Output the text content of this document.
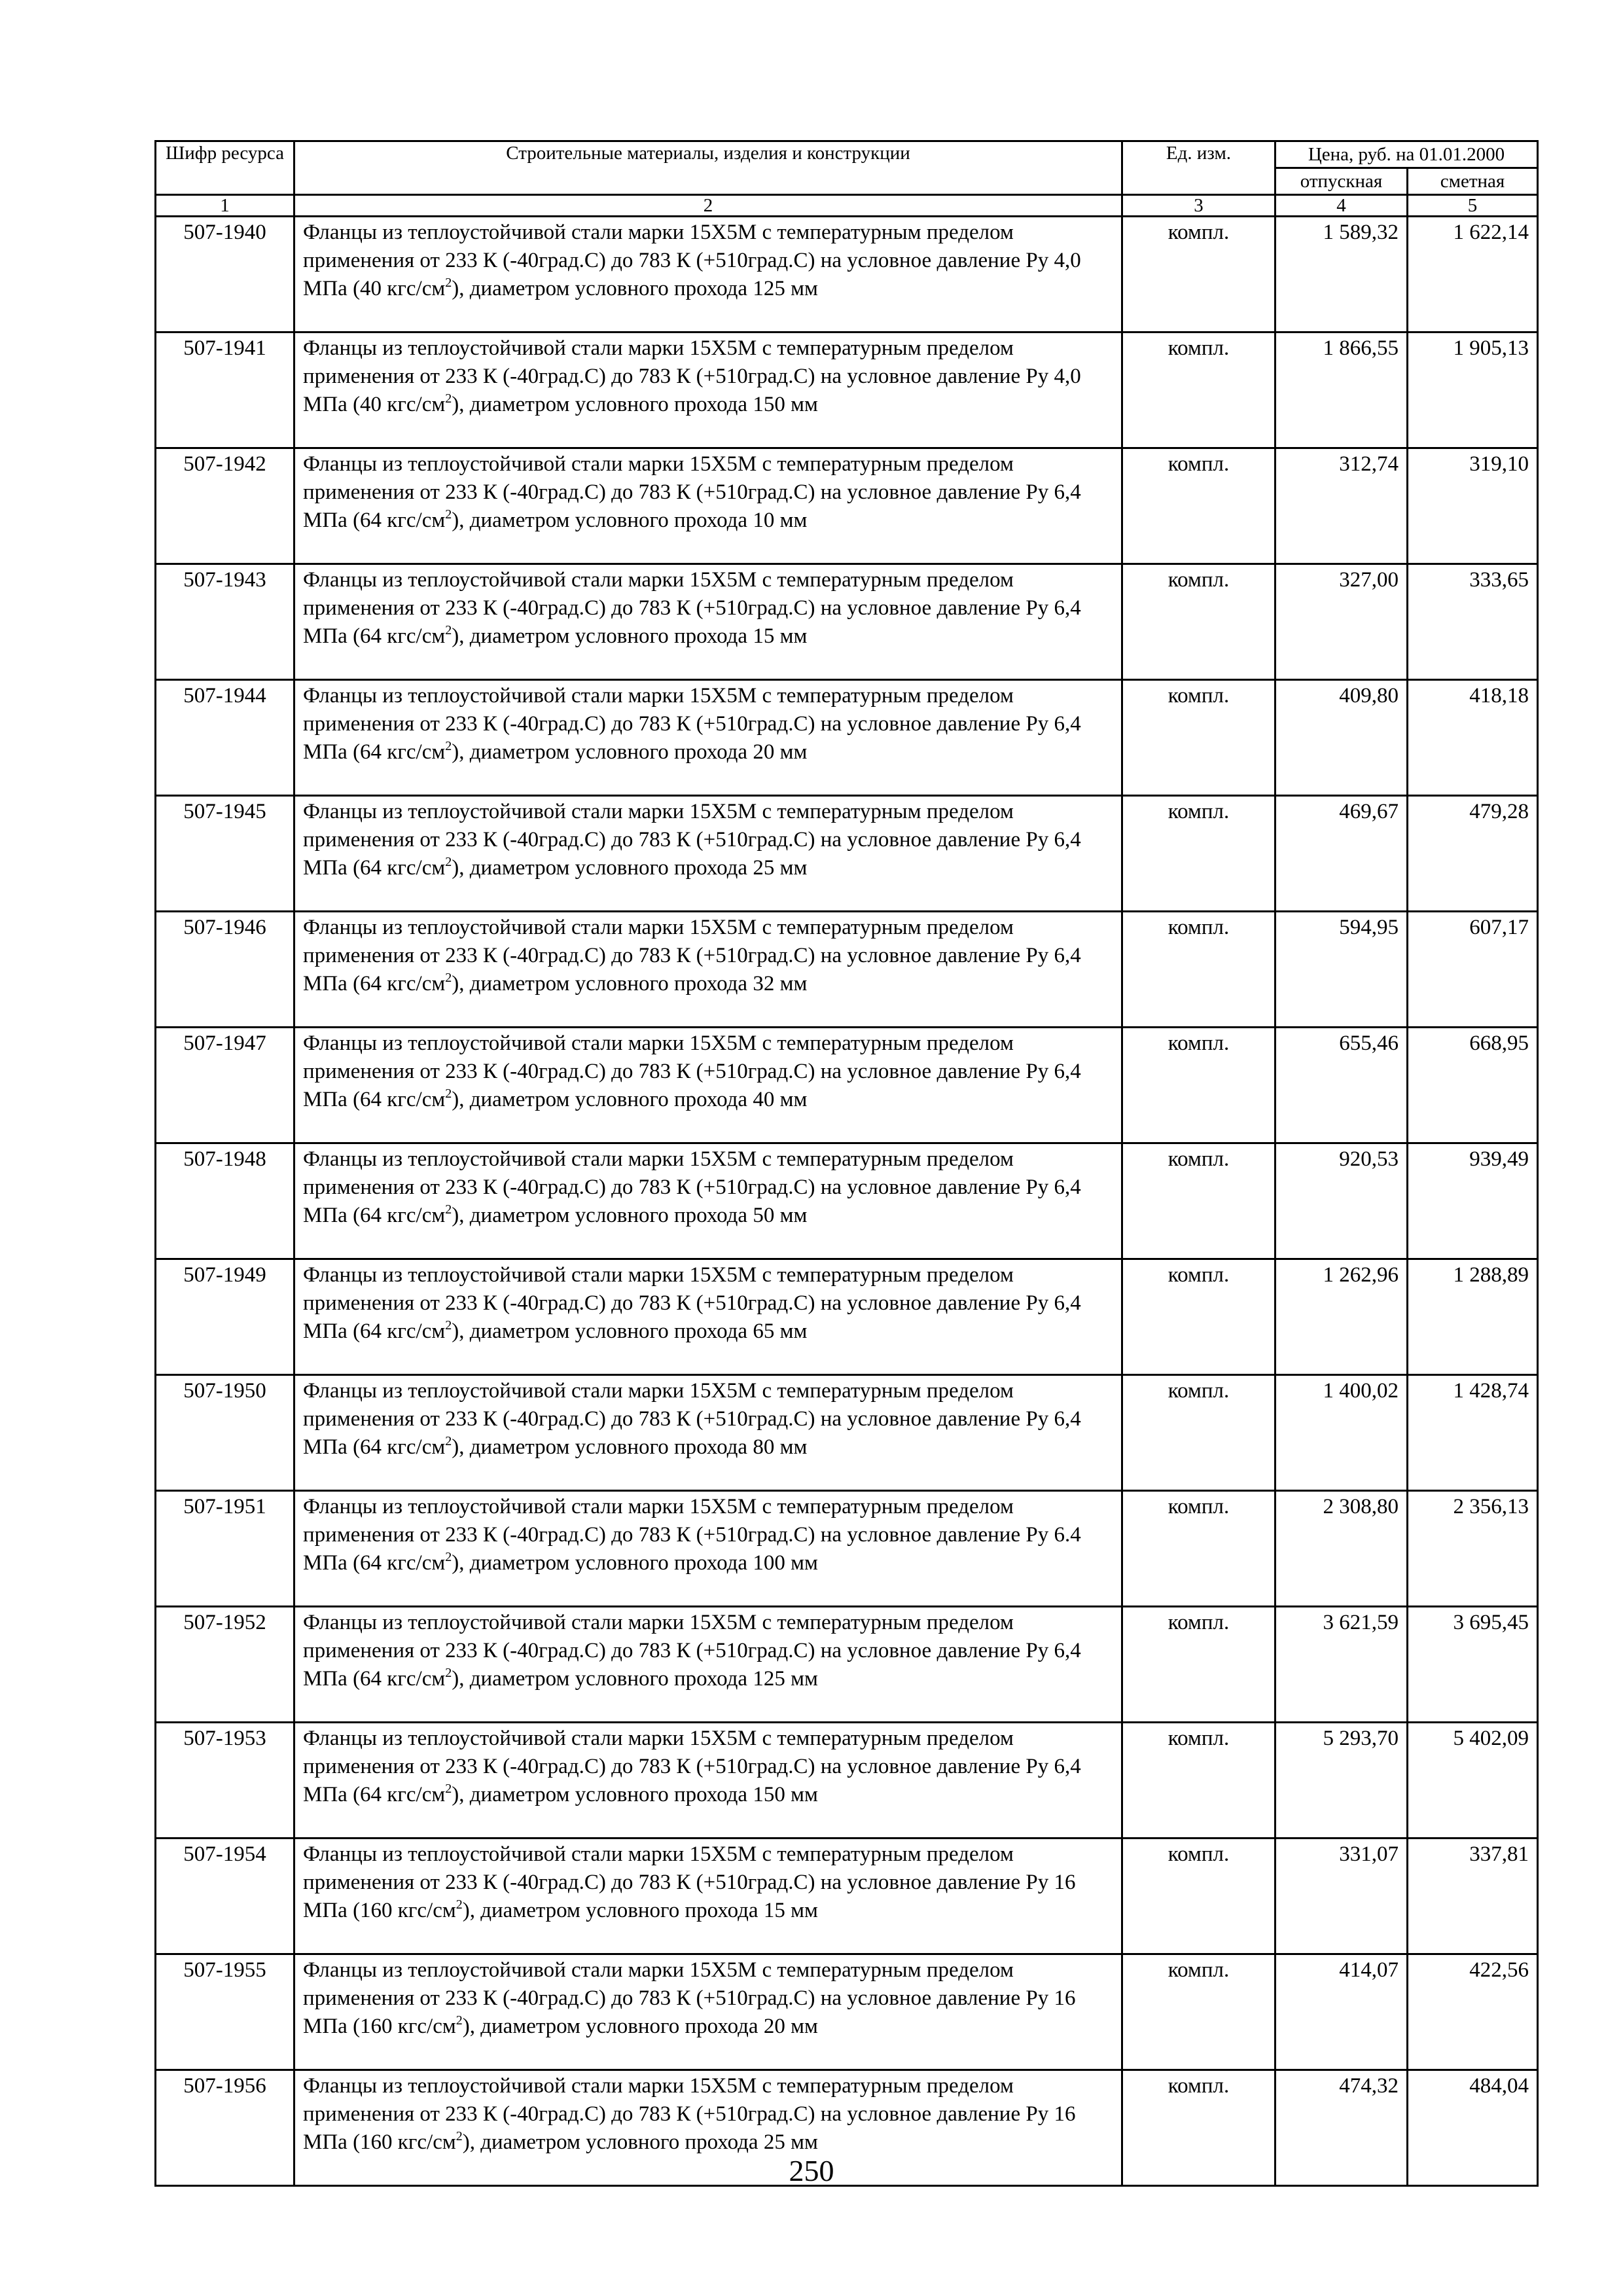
Шифр ресурса	Строительные материалы, изделия и конструкции	Ед. изм.	Цена, руб. на 01.01.2000	
			отпускная	сметная
1	2	3	4	5
507-1940	Фланцы из теплоустойчивой стали марки 15Х5М с температурным пределом применения от 233 К (-40град.С) до 783 К (+510град.С) на условное давление Ру 4,0 МПа (40 кгс/$см^2$), диаметром условного прохода 125 мм	компл.	1 589,32	1 622,14
507-1941	Фланцы из теплоустойчивой стали марки 15Х5М с температурным пределом применения от 233 К (-40град.С) до 783 К (+510град.С) на условное давление Ру 4,0 МПа (40 кгс/$см^2$), диаметром условного прохода 150 мм	компл.	1 866,55	1 905,13
507-1942	Фланцы из теплоустойчивой стали марки 15Х5М с температурным пределом применения от 233 К (-40град.С) до 783 К (+510град.С) на условное давление Ру 6,4 МПа (64 кгс/$см^2$), диаметром условного прохода 10 мм	компл.	312,74	319,10
507-1943	Фланцы из теплоустойчивой стали марки 15Х5М с температурным пределом применения от 233 К (-40град.С) до 783 К (+510град.С) на условное давление Ру 6,4 МПа (64 кгс/$см^2$), диаметром условного прохода 15 мм	компл.	327,00	333,65
507-1944	Фланцы из теплоустойчивой стали марки 15Х5М с температурным пределом применения от 233 К (-40град.С) до 783 К (+510град.С) на условное давление Ру 6,4 МПа (64 кгс/$см^2$), диаметром условного прохода 20 мм	компл.	409,80	418,18
507-1945	Фланцы из теплоустойчивой стали марки 15Х5М с температурным пределом применения от 233 К (-40град.С) до 783 К (+510град.С) на условное давление Ру 6,4 МПа (64 кгс/$см^2$), диаметром условного прохода 25 мм	компл.	469,67	479,28
507-1946	Фланцы из теплоустойчивой стали марки 15Х5М с температурным пределом применения от 233 К (-40град.С) до 783 К (+510град.С) на условное давление Ру 6,4 МПа (64 кгс/$см^2$), диаметром условного прохода 32 мм	компл.	594,95	607,17
507-1947	Фланцы из теплоустойчивой стали марки 15Х5М с температурным пределом применения от 233 К (-40град.С) до 783 К (+510град.С) на условное давление Ру 6,4 МПа (64 кгс/$см^2$), диаметром условного прохода 40 мм	компл.	655,46	668,95
507-1948	Фланцы из теплоустойчивой стали марки 15Х5М с температурным пределом применения от 233 К (-40град.С) до 783 К (+510град.С) на условное давление Ру 6,4 МПа (64 кгс/$см^2$), диаметром условного прохода 50 мм	компл.	920,53	939,49
507-1949	Фланцы из теплоустойчивой стали марки 15Х5М с температурным пределом применения от 233 К (-40град.С) до 783 К (+510град.С) на условное давление Ру 6,4 МПа (64 кгс/$см^2$), диаметром условного прохода 65 мм	компл.	1 262,96	1 288,89
507-1950	Фланцы из теплоустойчивой стали марки 15Х5М с температурным пределом применения от 233 К (-40град.С) до 783 К (+510град.С) на условное давление Ру 6,4 МПа (64 кгс/$см^2$), диаметром условного прохода 80 мм	компл.	1 400,02	1 428,74
507-1951	Фланцы из теплоустойчивой стали марки 15Х5М с температурным пределом применения от 233 К (-40град.С) до 783 К (+510град.С) на условное давление Ру 6.4 МПа (64 кгс/$см^2$), диаметром условного прохода 100 мм	компл.	2 308,80	2 356,13
507-1952	Фланцы из теплоустойчивой стали марки 15Х5М с температурным пределом применения от 233 К (-40град.С) до 783 К (+510град.С) на условное давление Ру 6,4 МПа (64 кгс/$см^2$), диаметром условного прохода 125 мм	компл.	3 621,59	3 695,45
507-1953	Фланцы из теплоустойчивой стали марки 15Х5М с температурным пределом применения от 233 К (-40град.С) до 783 К (+510град.С) на условное давление Ру 6,4 МПа (64 кгс/$см^2$), диаметром условного прохода 150 мм	компл.	5 293,70	5 402,09
507-1954	Фланцы из теплоустойчивой стали марки 15Х5М с температурным пределом применения от 233 К (-40град.С) до 783 К (+510град.С) на условное давление Ру 16 МПа (160 кгс/$см^2$), диаметром условного прохода 15 мм	компл.	331,07	337,81
507-1955	Фланцы из теплоустойчивой стали марки 15Х5М с температурным пределом применения от 233 К (-40град.С) до 783 К (+510град.С) на условное давление Ру 16 МПа (160 кгс/$см^2$), диаметром условного прохода 20 мм	компл.	414,07	422,56
507-1956	Фланцы из теплоустойчивой стали марки 15Х5М с температурным пределом применения от 233 К (-40град.С) до 783 К (+510град.С) на условное давление Ру 16 МПа (160 кгс/$см^2$), диаметром условного прохода 25 мм	компл.	474,32	484,04
250
